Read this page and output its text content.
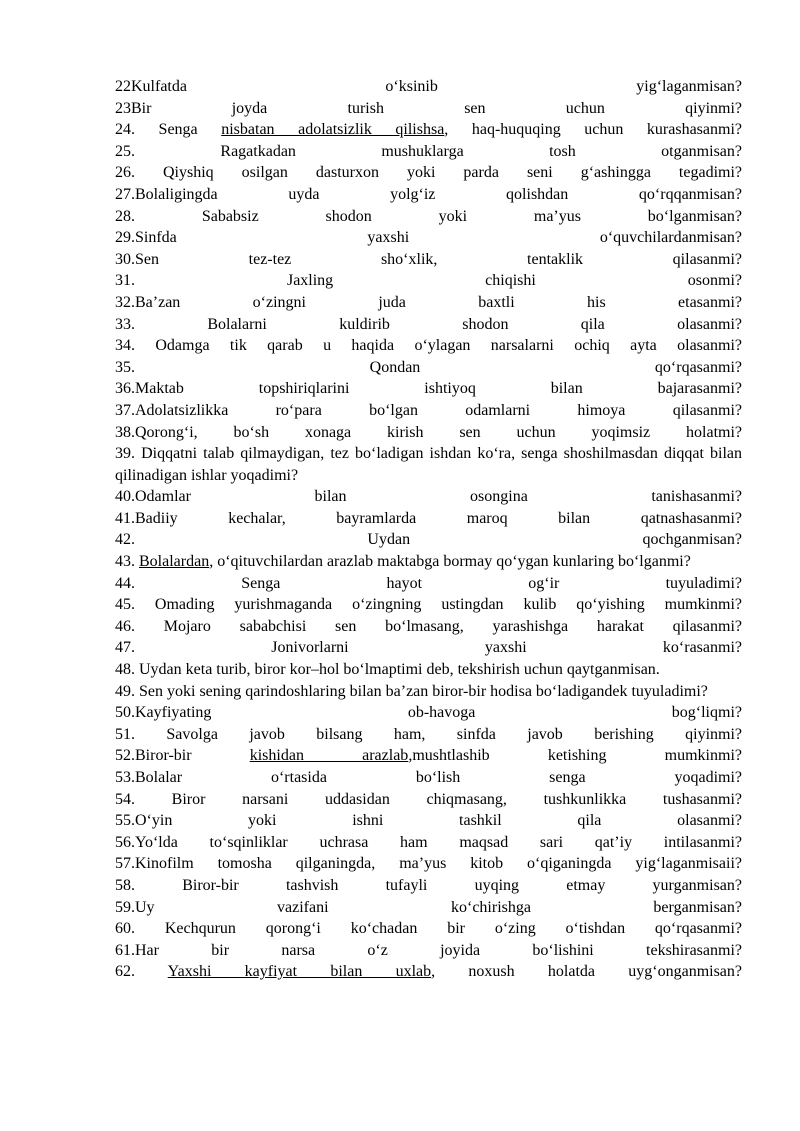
22Kulfatda o‘ksinib yig‘laganmisan?
23Bir joyda turish sen uchun qiyinmi?
24. Senga nisbatan adolatsizlik qilishsa, haq-huquqing uchun kurashasanmi?
25. Ragatkadan mushuklarga tosh otganmisan?
26. Qiyshiq osilgan dasturxon yoki parda seni g‘ashingga tegadimi?
27.Bolaligingda uyda yolg‘iz qolishdan qo‘rqqanmisan?
28. Sababsiz shodon yoki ma’yus bo‘lganmisan?
29.Sinfda yaxshi o‘quvchilardanmisan?
30.Sen tez-tez sho‘xlik, tentaklik qilasanmi?
31. Jaxling chiqishi osonmi?
32.Ba’zan o‘zingni juda baxtli his etasanmi?
33. Bolalarni kuldirib shodon qila olasanmi?
34. Odamga tik qarab u haqida o‘ylagan narsalarni ochiq ayta olasanmi?
35. Qondan qo‘rqasanmi?
36.Maktab topshiriqlarini ishtiyoq bilan bajarasanmi?
37.Adolatsizlikka ro‘para bo‘lgan odamlarni himoya qilasanmi?
38.Qorong‘i, bo‘sh xonaga kirish sen uchun yoqimsiz holatmi?
39. Diqqatni talab qilmaydigan, tez bo‘ladigan ishdan ko‘ra, senga shoshilmasdan diqqat bilan qilinadigan ishlar yoqadimi?
40.Odamlar bilan osongina tanishasanmi?
41.Badiiy kechalar, bayramlarda maroq bilan qatnashasanmi?
42. Uydan qochganmisan?
43. Bolalardan, o‘qituvchilardan arazlab maktabga bormay qo‘ygan kunlaring bo‘lganmi?
44. Senga hayot og‘ir tuyuladimi?
45. Omading yurishmaganda o‘zingning ustingdan kulib qo‘yishing mumkinmi?
46. Mojaro sababchisi sen bo‘lmasang, yarashishga harakat qilasanmi?
47. Jonivorlarni yaxshi ko‘rasanmi?
48. Uydan keta turib, biror kor–hol bo‘lmaptimi deb, tekshirish uchun qaytganmisan.
49. Sen yoki sening qarindoshlaring bilan ba’zan biror-bir hodisa bo‘ladigandek tuyuladimi?
50.Kayfiyating ob-havoga bog‘liqmi?
51. Savolga javob bilsang ham, sinfda javob berishing qiyinmi?
52.Biror-bir kishidan arazlab,mushtlashib ketishing mumkinmi?
53.Bolalar o‘rtasida bo‘lish senga yoqadimi?
54. Biror narsani uddasidan chiqmasang, tushkunlikka tushasanmi?
55.O‘yin yoki ishni tashkil qila olasanmi?
56.Yo‘lda to‘sqinliklar uchrasa ham maqsad sari qat’iy intilasanmi?
57.Kinofilm tomosha qilganingda, ma’yus kitob o‘qiganingda yig‘laganmisaii?
58. Biror-bir tashvish tufayli uyqing etmay yurganmisan?
59.Uy vazifani ko‘chirishga berganmisan?
60. Kechqurun qorong‘i ko‘chadan bir o‘zing o‘tishdan qo‘rqasanmi?
61.Har bir narsa o‘z joyida bo‘lishini tekshirasanmi?
62. Yaxshi kayfiyat bilan uxlab, noxush holatda uyg‘onganmisan?
